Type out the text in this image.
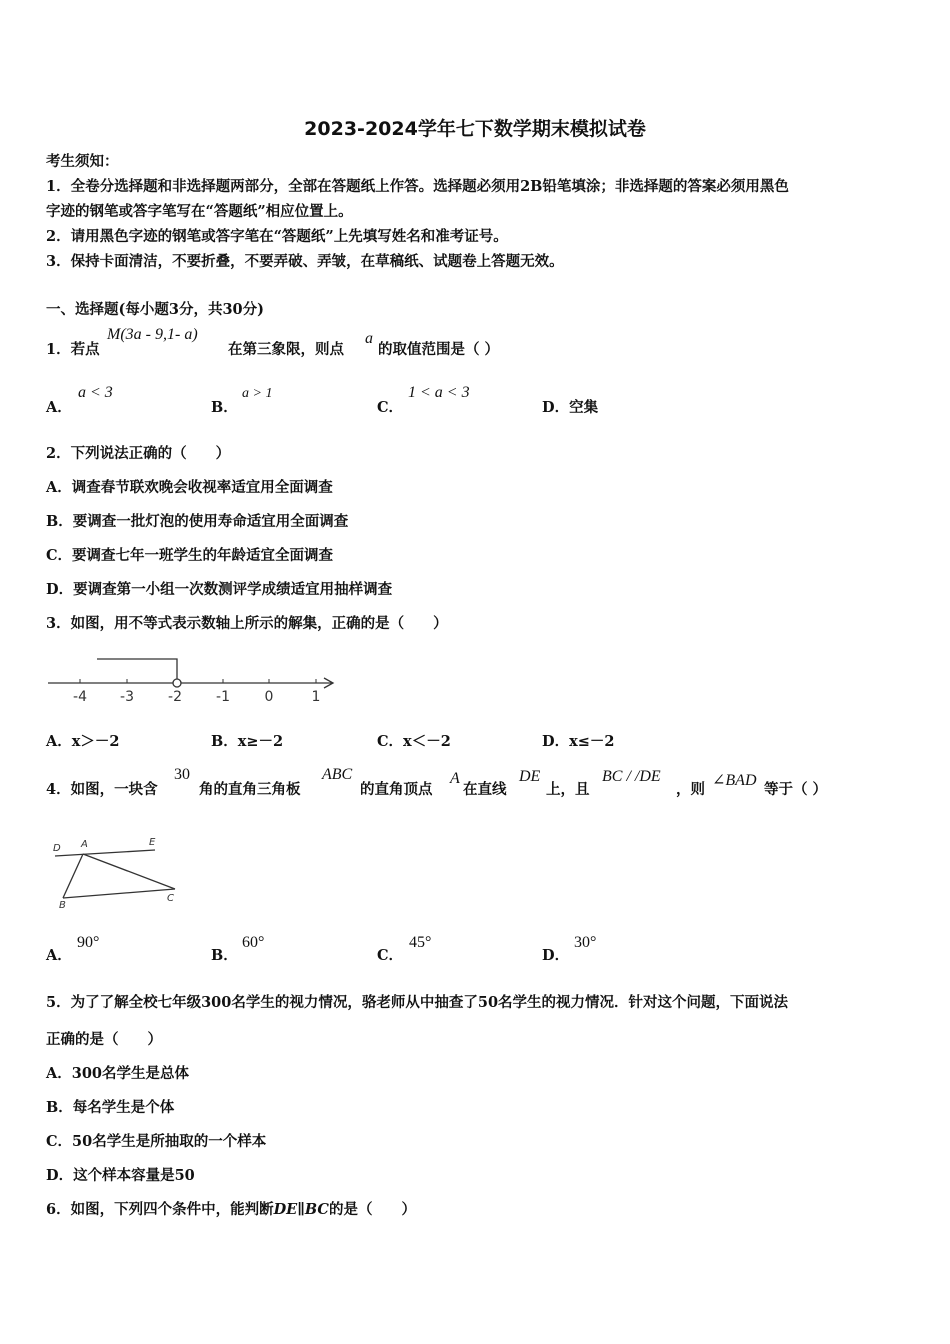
2023-2024学年七下数学期末模拟试卷
考生须知：
1．全卷分选择题和非选择题两部分，全部在答题纸上作答。选择题必须用2B铅笔填涂；非选择题的答案必须用黑色
字迹的钢笔或答字笔写在“答题纸”相应位置上。
2．请用黑色字迹的钢笔或答字笔在“答题纸”上先填写姓名和准考证号。
3．保持卡面清洁，不要折叠，不要弄破、弄皱，在草稿纸、试题卷上答题无效。
一、选择题(每小题3分，共30分)
1．若点
M(3a - 9,1- a)
在第三象限，则点
a
的取值范围是（ ）
A．
a < 3
B．
a > 1
C．
1 < a < 3
D．空集
2．下列说法正确的（　　）
A．调查春节联欢晚会收视率适宜用全面调查
B．要调查一批灯泡的使用寿命适宜用全面调查
C．要调查七年一班学生的年龄适宜全面调查
D．要调查第一小组一次数测评学成绩适宜用抽样调查
3．如图，用不等式表示数轴上所示的解集，正确的是（　　）
-4 -3 -2 -1 0	1
A．x＞－2	B．x≥－2	C．x＜－2	D．x≤－2
4．如图，一块含
30
角的直角三角板
ABC
的直角顶点
A
在直线
DE
上，且
BC / /DE
，则
∠BAD
等于（ ）
D A	E
B
C
A．
90°
B．
60°
C．
45°
D．
30°
5．为了了解全校七年级300名学生的视力情况，骆老师从中抽查了50名学生的视力情况．针对这个问题，下面说法
正确的是（　　）
A．300名学生是总体
B．每名学生是个体
C．50名学生是所抽取的一个样本
D．这个样本容量是50
6．如图，下列四个条件中，能判断DE∥BC的是（　　）
